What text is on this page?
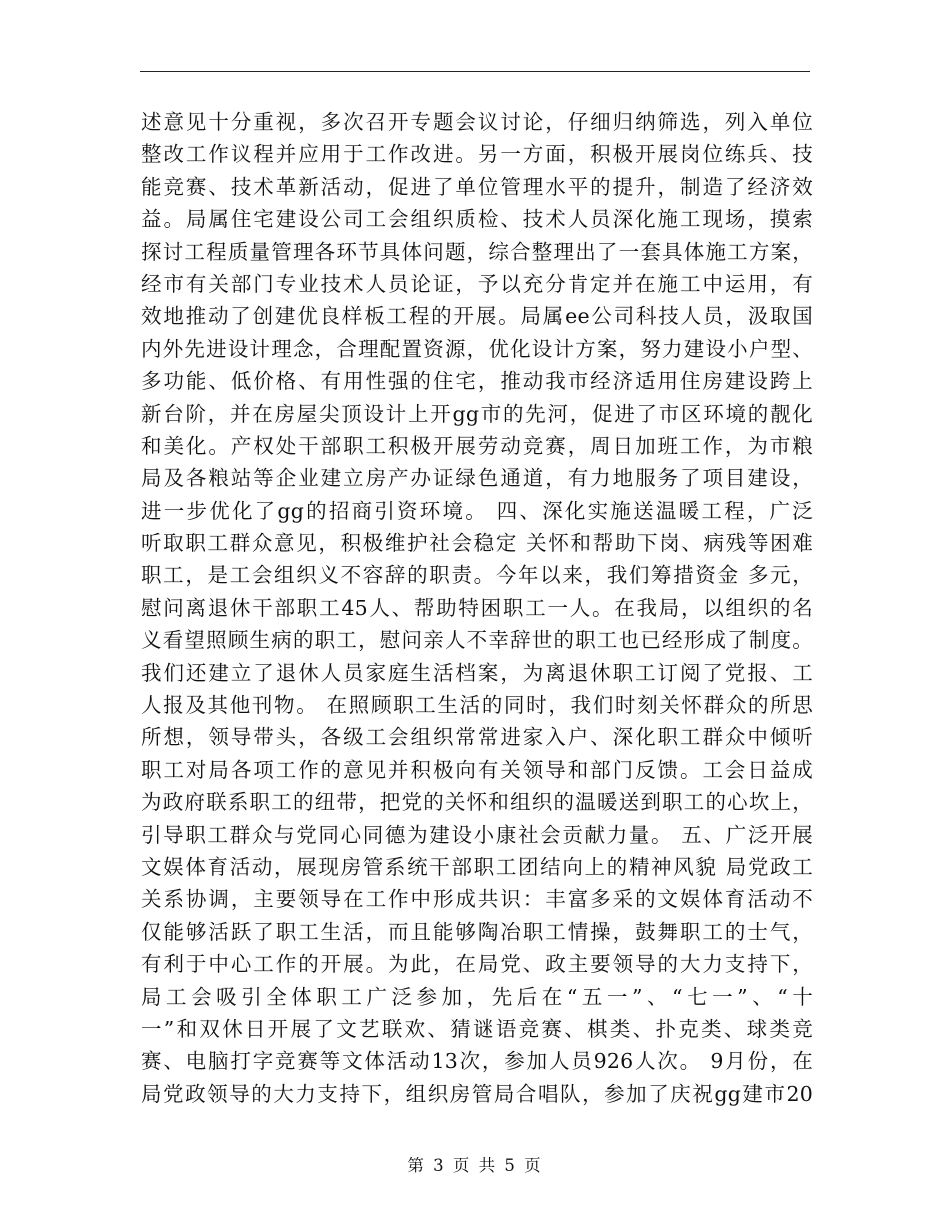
述意见十分重视，多次召开专题会议讨论，仔细归纳筛选，列入单位
整改工作议程并应用于工作改进。另一方面，积极开展岗位练兵、技
能竞赛、技术革新活动，促进了单位管理水平的提升，制造了经济效
益。局属住宅建设公司工会组织质检、技术人员深化施工现场，摸索
探讨工程质量管理各环节具体问题，综合整理出了一套具体施工方案，
经市有关部门专业技术人员论证，予以充分肯定并在施工中运用，有
效地推动了创建优良样板工程的开展。局属ee公司科技人员，汲取国
内外先进设计理念，合理配置资源，优化设计方案，努力建设小户型、
多功能、低价格、有用性强的住宅，推动我市经济适用住房建设跨上
新台阶，并在房屋尖顶设计上开gg市的先河，促进了市区环境的靓化
和美化。产权处干部职工积极开展劳动竞赛，周日加班工作，为市粮
局及各粮站等企业建立房产办证绿色通道，有力地服务了项目建设，
进一步优化了gg的招商引资环境。 四、深化实施送温暖工程，广泛
听取职工群众意见，积极维护社会稳定 关怀和帮助下岗、病残等困难
职工，是工会组织义不容辞的职责。今年以来，我们筹措资金 多元，
慰问离退休干部职工45人、帮助特困职工一人。在我局，以组织的名
义看望照顾生病的职工，慰问亲人不幸辞世的职工也已经形成了制度。
我们还建立了退休人员家庭生活档案，为离退休职工订阅了党报、工
人报及其他刊物。 在照顾职工生活的同时，我们时刻关怀群众的所思
所想，领导带头，各级工会组织常常进家入户、深化职工群众中倾听
职工对局各项工作的意见并积极向有关领导和部门反馈。工会日益成
为政府联系职工的纽带，把党的关怀和组织的温暖送到职工的心坎上，
引导职工群众与党同心同德为建设小康社会贡献力量。 五、广泛开展
文娱体育活动，展现房管系统干部职工团结向上的精神风貌 局党政工
关系协调，主要领导在工作中形成共识：丰富多采的文娱体育活动不
仅能够活跃了职工生活，而且能够陶冶职工情操，鼓舞职工的士气，
有利于中心工作的开展。为此，在局党、政主要领导的大力支持下，
局工会吸引全体职工广泛参加，先后在“五一”、“七一”、“十
一”和双休日开展了文艺联欢、猜谜语竞赛、棋类、扑克类、球类竞
赛、电脑打字竞赛等文体活动13次，参加人员926人次。 9月份，在
局党政领导的大力支持下，组织房管局合唱队，参加了庆祝gg建市20
第 3 页 共 5 页
